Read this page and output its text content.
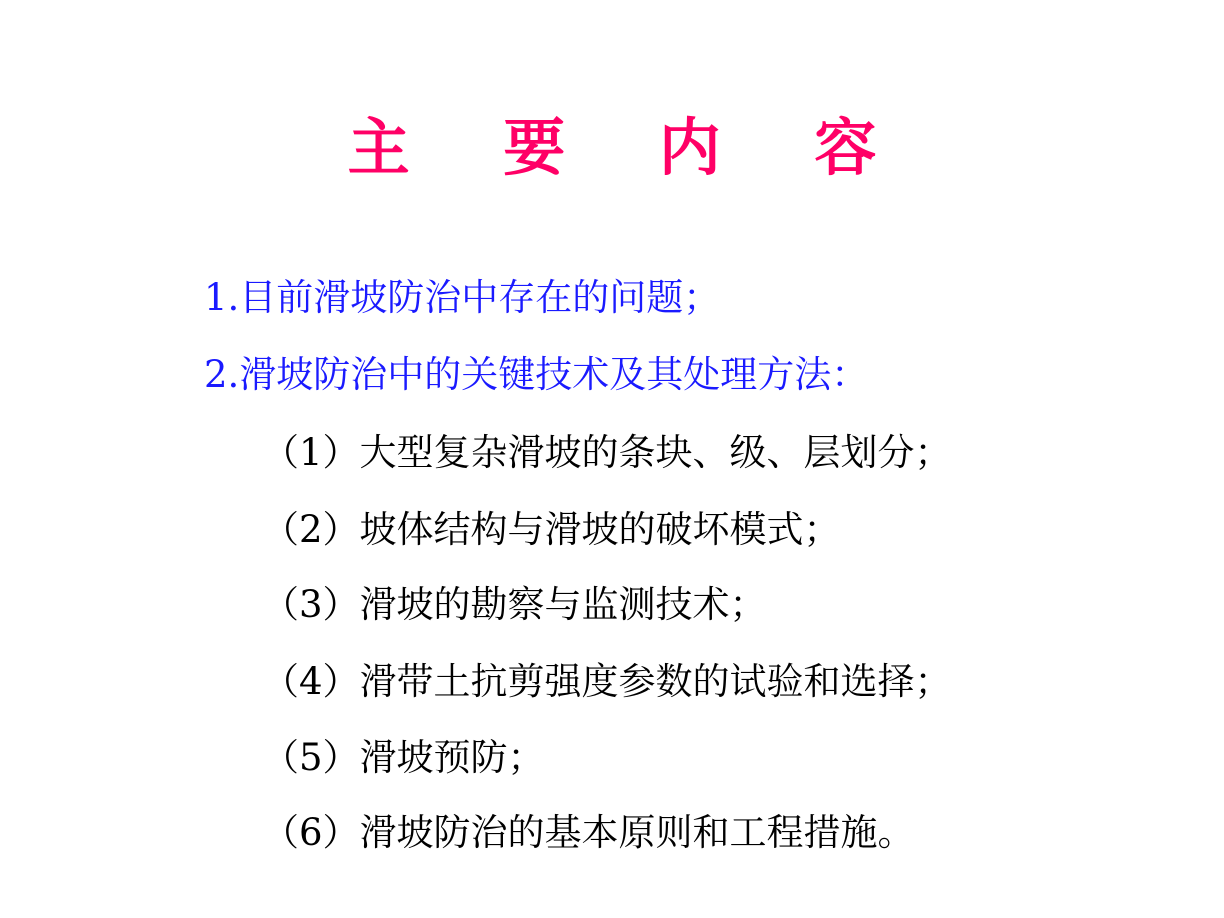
主 要 内 容
1.目前滑坡防治中存在的问题；
2.滑坡防治中的关键技术及其处理方法：
（1）大型复杂滑坡的条块、级、层划分；
（2）坡体结构与滑坡的破坏模式；
（3）滑坡的勘察与监测技术；
（4）滑带土抗剪强度参数的试验和选择；
（5）滑坡预防；
（6）滑坡防治的基本原则和工程措施。
